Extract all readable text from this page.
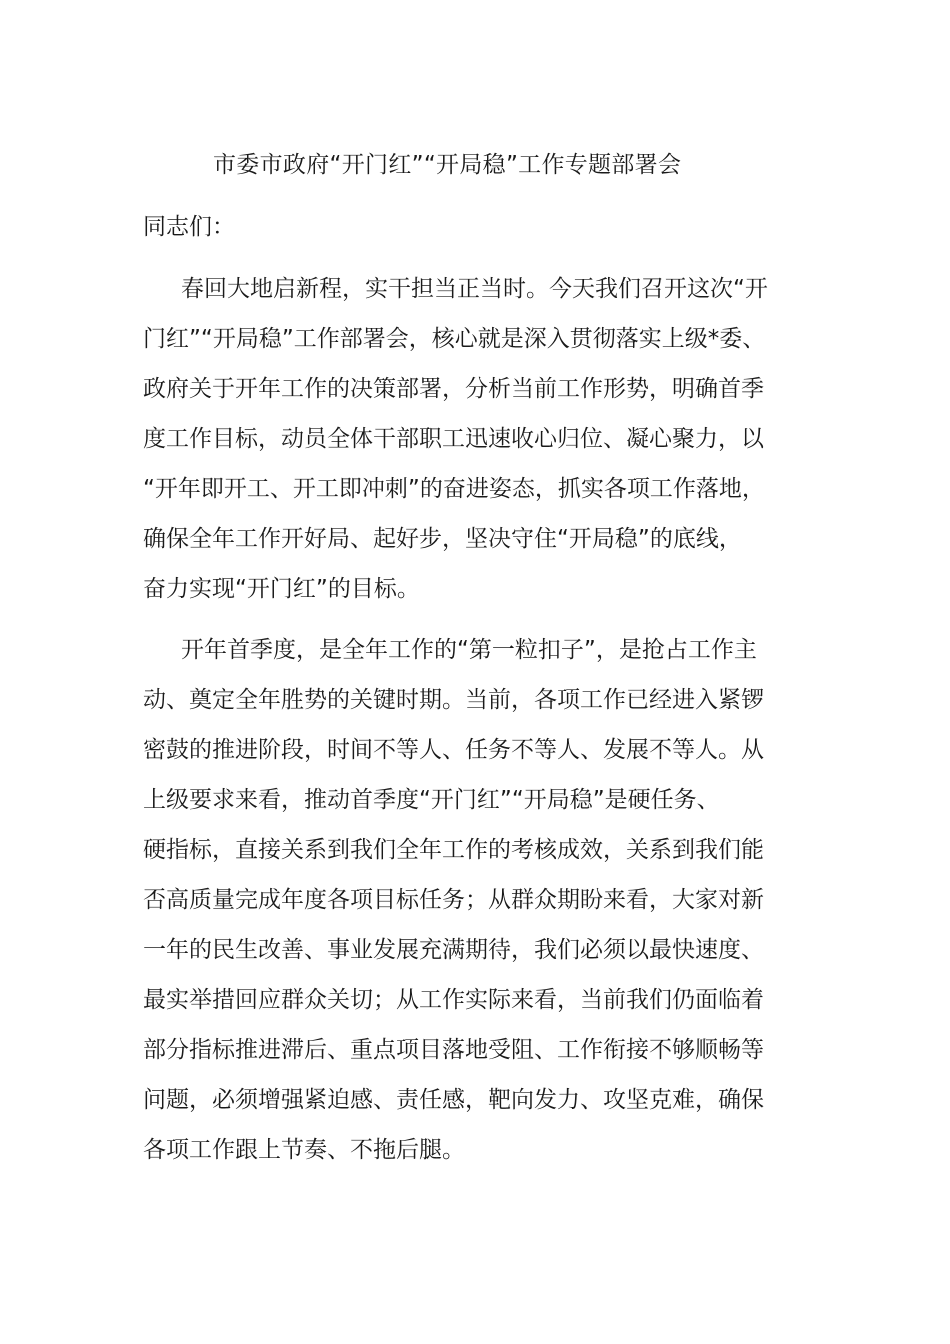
市委市政府“开门红”“开局稳”工作专题部署会
同志们：
春回大地启新程，实干担当正当时。今天我们召开这次“开
门红”“开局稳”工作部署会，核心就是深入贯彻落实上级*委、
政府关于开年工作的决策部署，分析当前工作形势，明确首季
度工作目标，动员全体干部职工迅速收心归位、凝心聚力，以
“开年即开工、开工即冲刺”的奋进姿态，抓实各项工作落地，
确保全年工作开好局、起好步，坚决守住“开局稳”的底线，
奋力实现“开门红”的目标。
开年首季度，是全年工作的“第一粒扣子”，是抢占工作主
动、奠定全年胜势的关键时期。当前，各项工作已经进入紧锣
密鼓的推进阶段，时间不等人、任务不等人、发展不等人。从
上级要求来看，推动首季度“开门红”“开局稳”是硬任务、
硬指标，直接关系到我们全年工作的考核成效，关系到我们能
否高质量完成年度各项目标任务；从群众期盼来看，大家对新
一年的民生改善、事业发展充满期待，我们必须以最快速度、
最实举措回应群众关切；从工作实际来看，当前我们仍面临着
部分指标推进滞后、重点项目落地受阻、工作衔接不够顺畅等
问题，必须增强紧迫感、责任感，靶向发力、攻坚克难，确保
各项工作跟上节奏、不拖后腿。
